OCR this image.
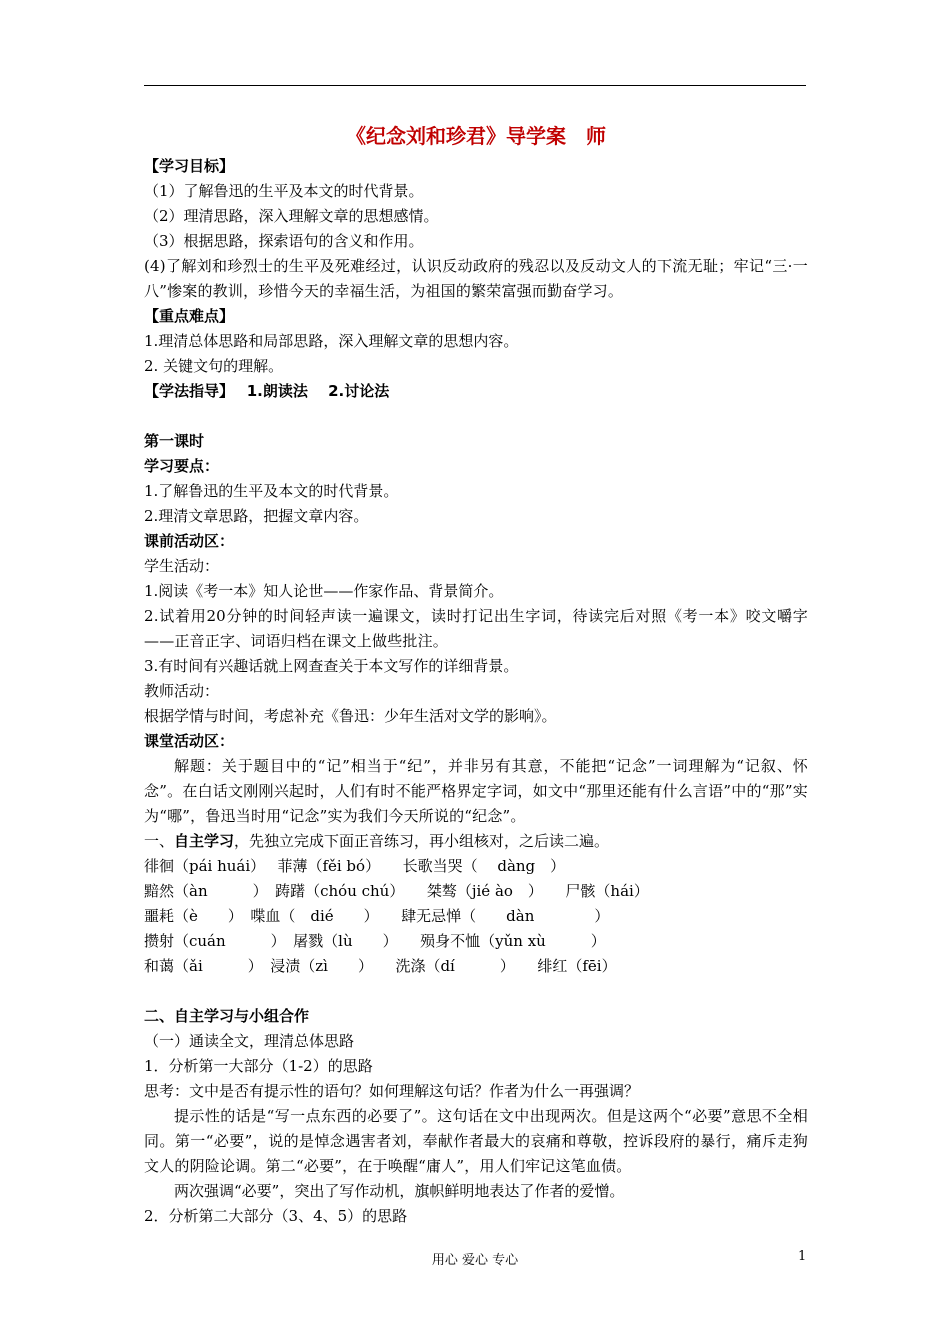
《纪念刘和珍君》导学案　师
【学习目标】
（1）了解鲁迅的生平及本文的时代背景。
（2）理清思路，深入理解文章的思想感情。
（3）根据思路，探索语句的含义和作用。
(4)了解刘和珍烈士的生平及死难经过，认识反动政府的残忍以及反动文人的下流无耻；牢记“三·一 八”惨案的教训，珍惜今天的幸福生活，为祖国的繁荣富强而勤奋学习。
【重点难点】
1.理清总体思路和局部思路，深入理解文章的思想内容。
2. 关键文句的理解。
【学法指导】　 1.朗读法　 2.讨论法
第一课时
学习要点：
1.了解鲁迅的生平及本文的时代背景。
2.理清文章思路，把握文章内容。
课前活动区：
学生活动：
1.阅读《考一本》知人论世——作家作品、背景简介。
2.试着用20分钟的时间轻声读一遍课文，读时打记出生字词，待读完后对照《考一本》咬文嚼字——正音正字、词语归档在课文上做些批注。
3.有时间有兴趣话就上网查查关于本文写作的详细背景。
教师活动：
根据学情与时间，考虑补充《鲁迅：少年生活对文学的影响》。
课堂活动区：
解题：关于题目中的“记”相当于“纪”，并非另有其意，不能把“记念”一词理解为“记叙、怀念”。在白话文刚刚兴起时，人们有时不能严格界定字词，如文中“那里还能有什么言语”中的“那”实为“哪”，鲁迅当时用“记念”实为我们今天所说的“纪念”。
一、自主学习，先独立完成下面正音练习，再小组核对，之后读二遍。
徘徊（pái huái）　 菲薄（fěi bó）　　长歌当哭（　 dàng　）
黯然（àn　　　）　踌躇（chóu chú）　　桀骜（jié ào　）　　尸骸（hái）
噩耗（è　　）　喋血（　dié　　）　　肆无忌惮（　　dàn　　　　）
攒射（cuán　　　）　屠戮（lù　　）　　殒身不恤（yǔn xù　　　）
和蔼（ǎi　　　）　浸渍（zì　　）　　洗涤（dí　　　）　　绯红（fēi）
二、自主学习与小组合作
（一）通读全文，理清总体思路
1．分析第一大部分（1-2）的思路
思考：文中是否有提示性的语句？如何理解这句话？作者为什么一再强调？
提示性的话是“写一点东西的必要了”。这句话在文中出现两次。但是这两个“必要”意思不全相同。第一“必要”，说的是悼念遇害者刘，奉献作者最大的哀痛和尊敬，控诉段府的暴行，痛斥走狗文人的阴险论调。第二“必要”，在于唤醒“庸人”，用人们牢记这笔血债。
两次强调“必要”，突出了写作动机，旗帜鲜明地表达了作者的爱憎。
2．分析第二大部分（3、4、5）的思路
用心 爱心 专心	1
